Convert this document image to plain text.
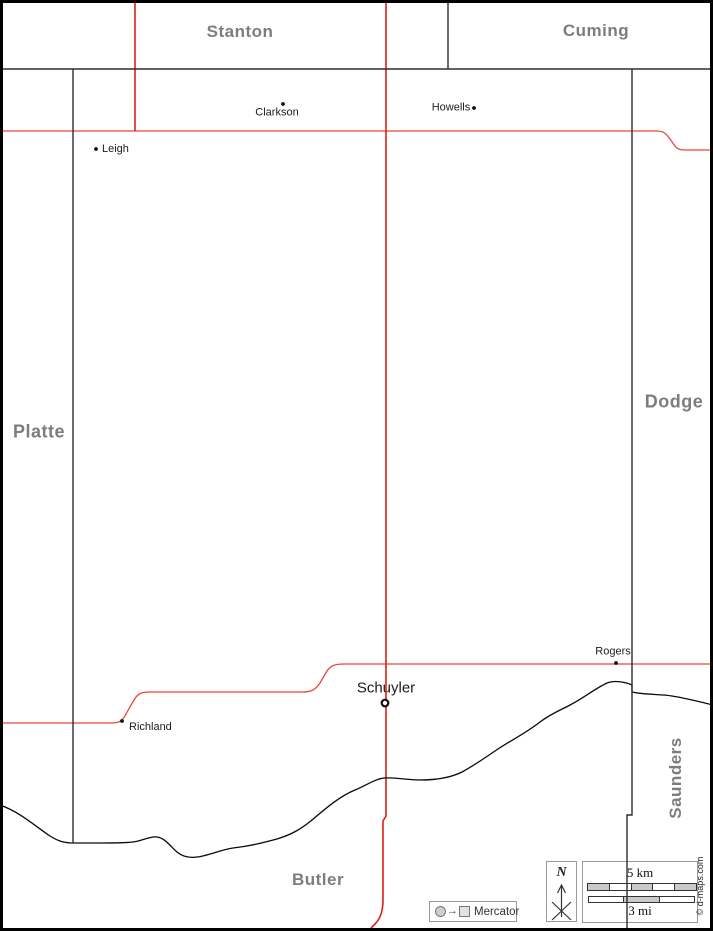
Stanton	Cuming
Platte
Dodge
Butler
Saunders
Clarkson	Howells
Leigh
Richland
Rogers
Schuyler
N	5 km
3 mi
→ Mercator	© d-maps.com
